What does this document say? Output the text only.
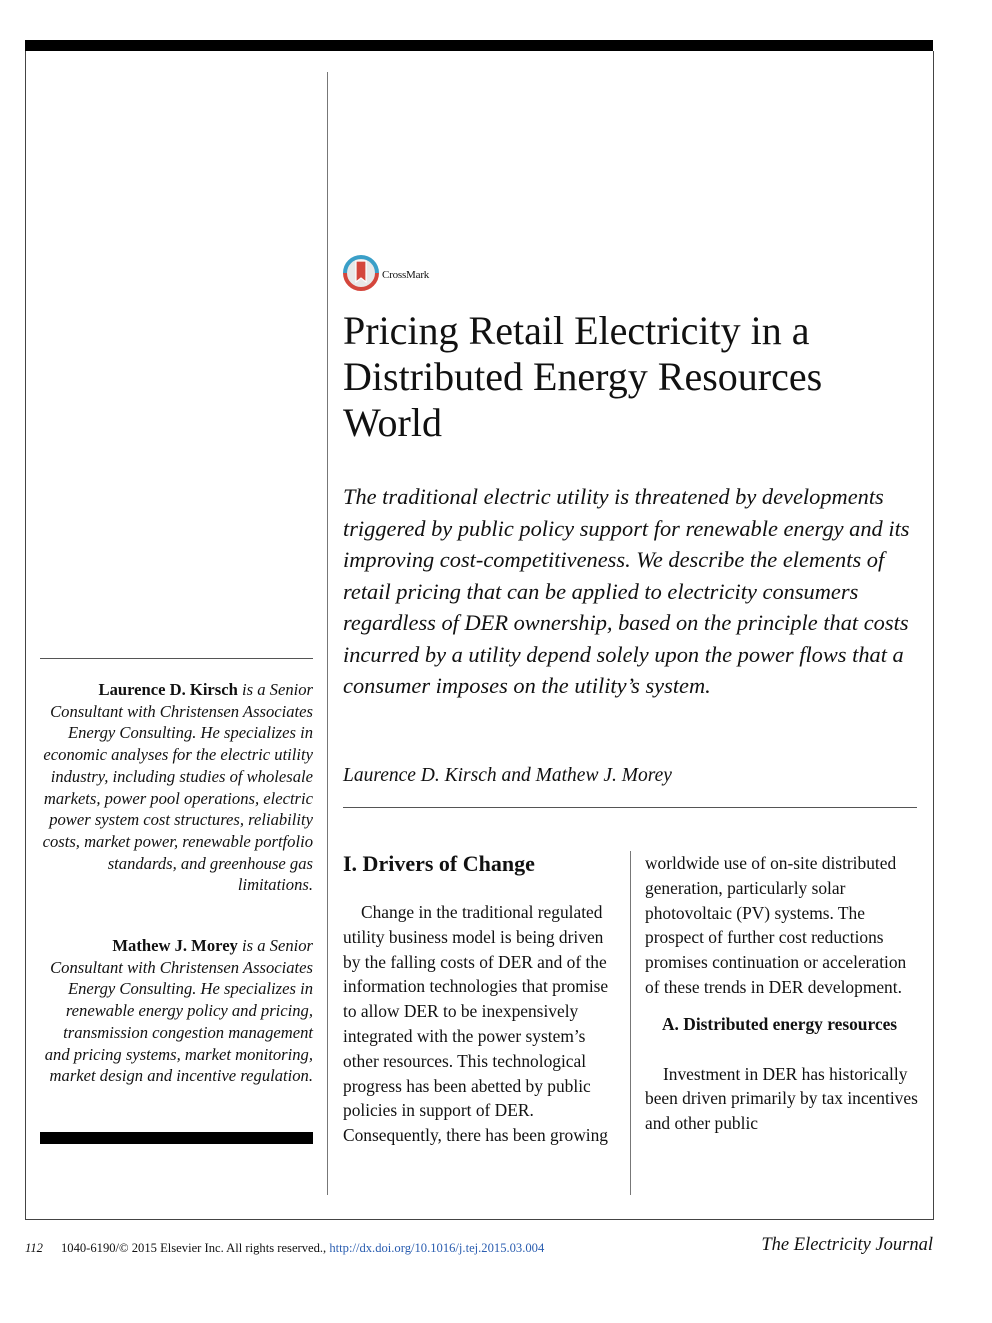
Laurence D. Kirsch is a Senior Consultant with Christensen Associates Energy Consulting. He specializes in economic analyses for the electric utility industry, including studies of wholesale markets, power pool operations, electric power system cost structures, reliability costs, market power, renewable portfolio standards, and greenhouse gas limitations.
Mathew J. Morey is a Senior Consultant with Christensen Associates Energy Consulting. He specializes in renewable energy policy and pricing, transmission congestion management and pricing systems, market monitoring, market design and incentive regulation.
CrossMark
Pricing Retail Electricity in a Distributed Energy Resources World

The traditional electric utility is threatened by developments triggered by public policy support for renewable energy and its improving cost-competitiveness. We describe the elements of retail pricing that can be applied to electricity consumers regardless of DER ownership, based on the principle that costs incurred by a utility depend solely upon the power flows that a consumer imposes on the utility’s system.

Laurence D. Kirsch and Mathew J. Morey
I. Drivers of Change

Change in the traditional regulated utility business model is being driven by the falling costs of DER and of the information technologies that promise to allow DER to be inexpensively integrated with the power system’s other resources. This technological progress has been abetted by public policies in support of DER. Consequently, there has been growing

worldwide use of on-site distributed generation, particularly solar photovoltaic (PV) systems. The prospect of further cost reductions promises continuation or acceleration of these trends in DER development.

A. Distributed energy resources

Investment in DER has historically been driven primarily by tax incentives and other public

112 1040-6190/© 2015 Elsevier Inc. All rights reserved., http://dx.doi.org/10.1016/j.tej.2015.03.004	The Electricity Journal
